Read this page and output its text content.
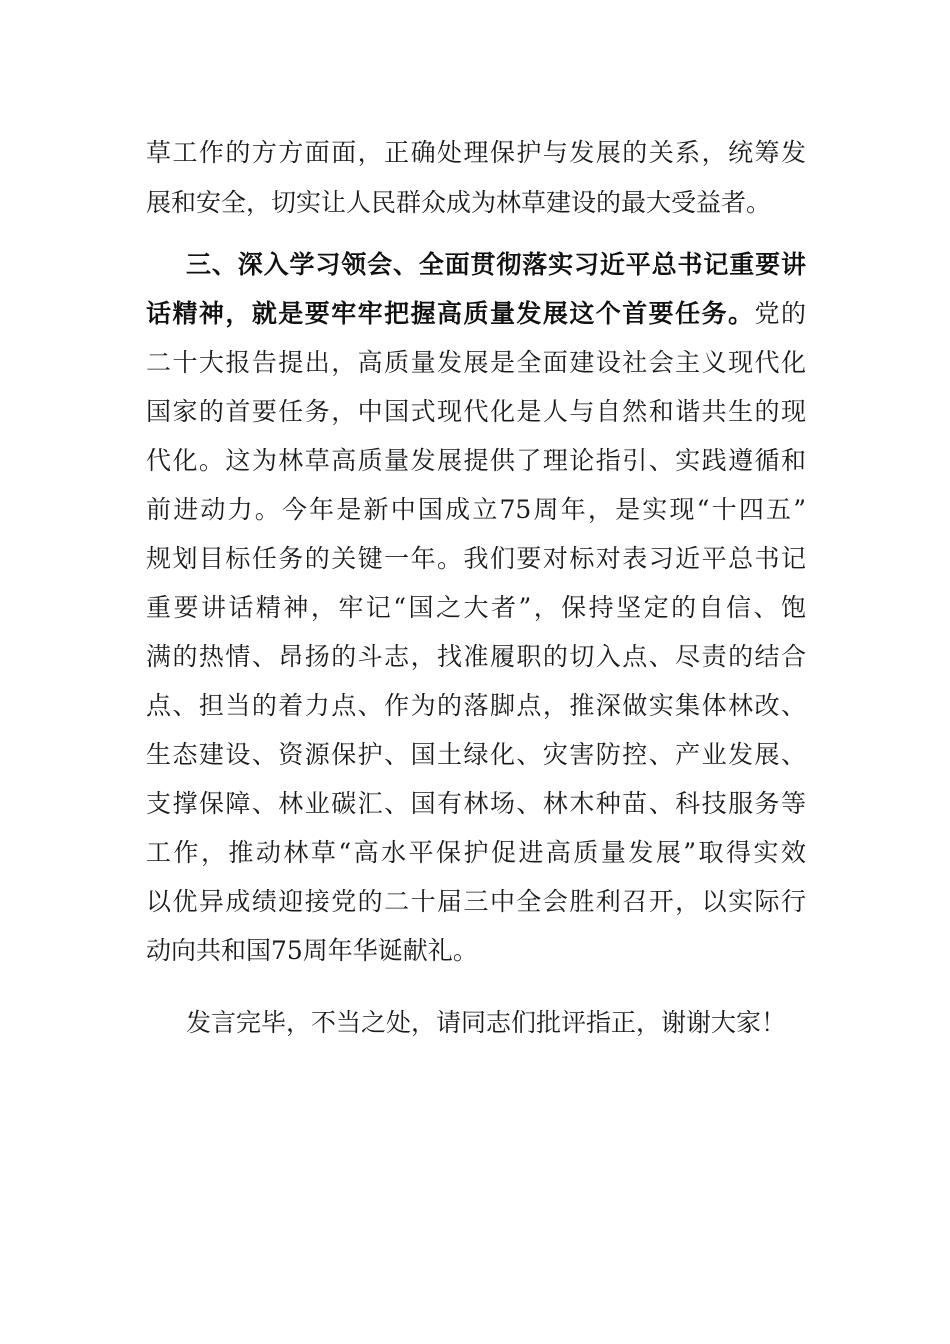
草工作的方方面面，正确处理保护与发展的关系，统筹发
展和安全，切实让人民群众成为林草建设的最大受益者。
三、深入学习领会、全面贯彻落实习近平总书记重要讲
话精神，就是要牢牢把握高质量发展这个首要任务。党的
二十大报告提出，高质量发展是全面建设社会主义现代化
国家的首要任务，中国式现代化是人与自然和谐共生的现
代化。这为林草高质量发展提供了理论指引、实践遵循和
前进动力。今年是新中国成立75周年，是实现“十四五”
规划目标任务的关键一年。我们要对标对表习近平总书记
重要讲话精神，牢记“国之大者”，保持坚定的自信、饱
满的热情、昂扬的斗志，找准履职的切入点、尽责的结合
点、担当的着力点、作为的落脚点，推深做实集体林改、
生态建设、资源保护、国土绿化、灾害防控、产业发展、
支撑保障、林业碳汇、国有林场、林木种苗、科技服务等
工作，推动林草“高水平保护促进高质量发展”取得实效
以优异成绩迎接党的二十届三中全会胜利召开，以实际行
动向共和国75周年华诞献礼。
发言完毕，不当之处，请同志们批评指正，谢谢大家！
